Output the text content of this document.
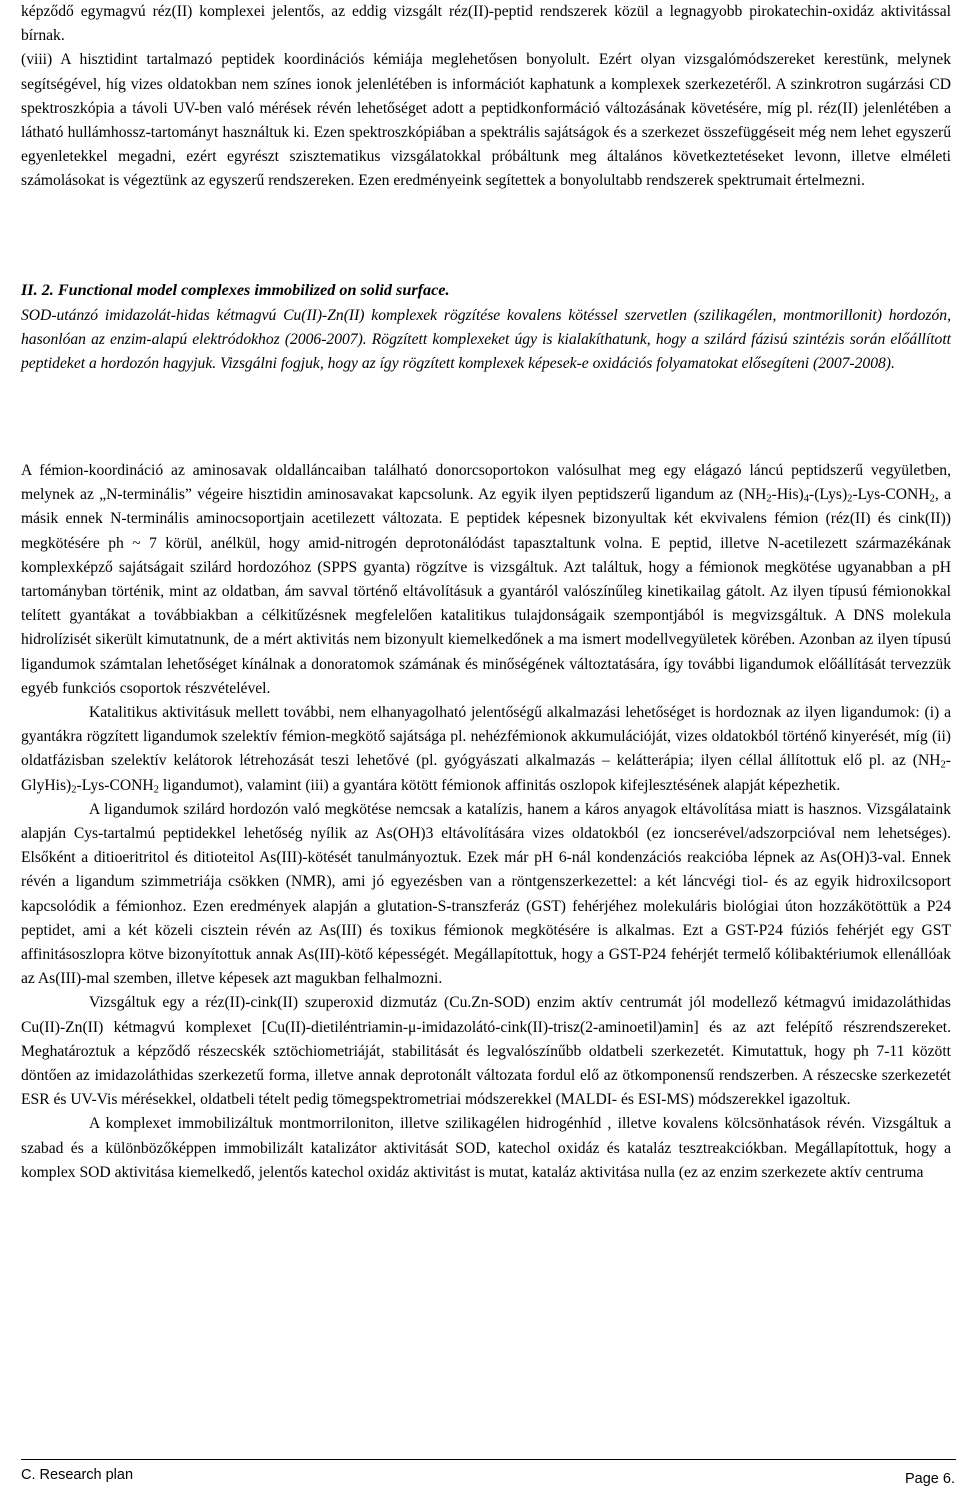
képződő egymagvú réz(II) komplexei jelentős, az eddig vizsgált réz(II)-peptid rendszerek közül a legnagyobb pirokatechin-oxidáz aktivitással bírnak.

(viii) A hisztidint tartalmazó peptidek koordinációs kémiája meglehetősen bonyolult. Ezért olyan vizsgalómódszereket kerestünk, melynek segítségével, híg vizes oldatokban nem színes ionok jelenlétében is információt kaphatunk a komplexek szerkezetéről. A szinkrotron sugárzási CD spektroszkópia a távoli UV-ben való mérések révén lehetőséget adott a peptidkonformáció változásának követésére, míg pl. réz(II) jelenlétében a látható hullámhossz-tartományt használtuk ki. Ezen spektroszkópiában a spektrális sajátságok és a szerkezet összefüggéseit még nem lehet egyszerű egyenletekkel megadni, ezért egyrészt szisztematikus vizsgálatokkal próbáltunk meg általános következtetéseket levonn, illetve elméleti számolásokat is végeztünk az egyszerű rendszereken. Ezen eredményeink segítettek a bonyolultabb rendszerek spektrumait értelmezni.

II. 2. Functional model complexes immobilized on solid surface.

SOD-utánzó imidazolát-hidas kétmagvú Cu(II)-Zn(II) komplexek rögzítése kovalens kötéssel szervetlen (szilikagélen, montmorillonit) hordozón, hasonlóan az enzim-alapú elektródokhoz (2006-2007). Rögzített komplexeket úgy is kialakíthatunk, hogy a szilárd fázisú szintézis során előállított peptideket a hordozón hagyjuk. Vizsgálni fogjuk, hogy az így rögzített komplexek képesek-e oxidációs folyamatokat elősegíteni (2007-2008).

A fémion-koordináció az aminosavak oldalláncaiban található donorcsoportokon valósulhat meg egy elágazó láncú peptidszerű vegyületben, melynek az „N-terminális” végeire hisztidin aminosavakat kapcsolunk. Az egyik ilyen peptidszerű ligandum az $(NH_2-His)_4-(Lys)_2-Lys-CONH_2$, a másik ennek N-terminális aminocsoportjain acetilezett változata. E peptidek képesnek bizonyultak két ekvivalens fémion (réz(II) és cink(II)) megkötésére ph ~ 7 körül, anélkül, hogy amid-nitrogén deprotonálódást tapasztaltunk volna. E peptid, illetve N-acetilezett származékának komplexképző sajátságait szilárd hordozóhoz (SPPS gyanta) rögzítve is vizsgáltuk. Azt találtuk, hogy a fémionok megkötése ugyanabban a pH tartományban történik, mint az oldatban, ám savval történő eltávolításuk a gyantáról valószínűleg kinetikailag gátolt. Az ilyen típusú fémionokkal telített gyantákat a továbbiakban a célkitűzésnek megfelelően katalitikus tulajdonságaik szempontjából is megvizsgáltuk. A DNS molekula hidrolízisét sikerült kimutatnunk, de a mért aktivitás nem bizonyult kiemelkedőnek a ma ismert modellvegyületek körében. Azonban az ilyen típusú ligandumok számtalan lehetőséget kínálnak a donoratomok számának és minőségének változtatására, így további ligandumok előállítását tervezzük egyéb funkciós csoportok részvételével.

Katalitikus aktivitásuk mellett további, nem elhanyagolható jelentőségű alkalmazási lehetőséget is hordoznak az ilyen ligandumok: (i) a gyantákra rögzített ligandumok szelektív fémion-megkötő sajátsága pl. nehézfémionok akkumulációját, vizes oldatokból történő kinyerését, míg (ii) oldatfázisban szelektív kelátorok létrehozását teszi lehetővé (pl. gyógyászati alkalmazás – kelátterápia; ilyen céllal állítottuk elő pl. az $(NH_2-GlyHis)_2-Lys-CONH_2$ ligandumot), valamint (iii) a gyantára kötött fémionok affinitás oszlopok kifejlesztésének alapját képezhetik.

A ligandumok szilárd hordozón való megkötése nemcsak a katalízis, hanem a káros anyagok eltávolítása miatt is hasznos. Vizsgálataink alapján Cys-tartalmú peptidekkel lehetőség nyílik az As(OH)3 eltávolítására vizes oldatokból (ez ioncserével/adszorpcióval nem lehetséges). Elsőként a ditioeritritol és ditioteitol As(III)-kötését tanulmányoztuk. Ezek már pH 6-nál kondenzációs reakcióba lépnek az As(OH)3-val. Ennek révén a ligandum szimmetriája csökken (NMR), ami jó egyezésben van a röntgenszerkezettel: a két láncvégi tiol- és az egyik hidroxilcsoport kapcsolódik a fémionhoz. Ezen eredmények alapján a glutation-S-transzferáz (GST) fehérjéhez molekuláris biológiai úton hozzákötöttük a P24 peptidet, ami a két közeli cisztein révén az As(III) és toxikus fémionok megkötésére is alkalmas. Ezt a GST-P24 fúziós fehérjét egy GST affinitásoszlopra kötve bizonyítottuk annak As(III)-kötő képességét. Megállapítottuk, hogy a GST-P24 fehérjét termelő kólibaktériumok ellenállóak az As(III)-mal szemben, illetve képesek azt magukban felhalmozni.

Vizsgáltuk egy a réz(II)-cink(II) szuperoxid dizmutáz (Cu.Zn-SOD) enzim aktív centrumát jól modellező kétmagvú imidazoláthidas Cu(II)-Zn(II) kétmagvú komplexet [Cu(II)-dietiléntriamin-μ-imidazolátó-cink(II)-trisz(2-aminoetil)amin] és az azt felépítő részrendszereket. Meghatároztuk a képződő részecskék sztöchiometriáját, stabilitását és legvalószínűbb oldatbeli szerkezetét. Kimutattuk, hogy ph 7-11 között döntően az imidazoláthidas szerkezetű forma, illetve annak deprotonált változata fordul elő az ötkomponensű rendszerben. A részecske szerkezetét ESR és UV-Vis mérésekkel, oldatbeli tételt pedig tömegspektrometriai módszerekkel (MALDI- és ESI-MS) módszerekkel igazoltuk.

A komplexet immobilizáltuk montmorriloniton, illetve szilikagélen hidrogénhíd , illetve kovalens kölcsönhatások révén. Vizsgáltuk a szabad és a különbözőképpen immobilizált katalizátor aktivitását SOD, katechol oxidáz és kataláz tesztreakciókban. Megállapítottuk, hogy a komplex SOD aktivitása kiemelkedő, jelentős katechol oxidáz aktivitást is mutat, kataláz aktivitása nulla (ez az enzim szerkezete aktív centruma

C. Research plan	Page 6.
